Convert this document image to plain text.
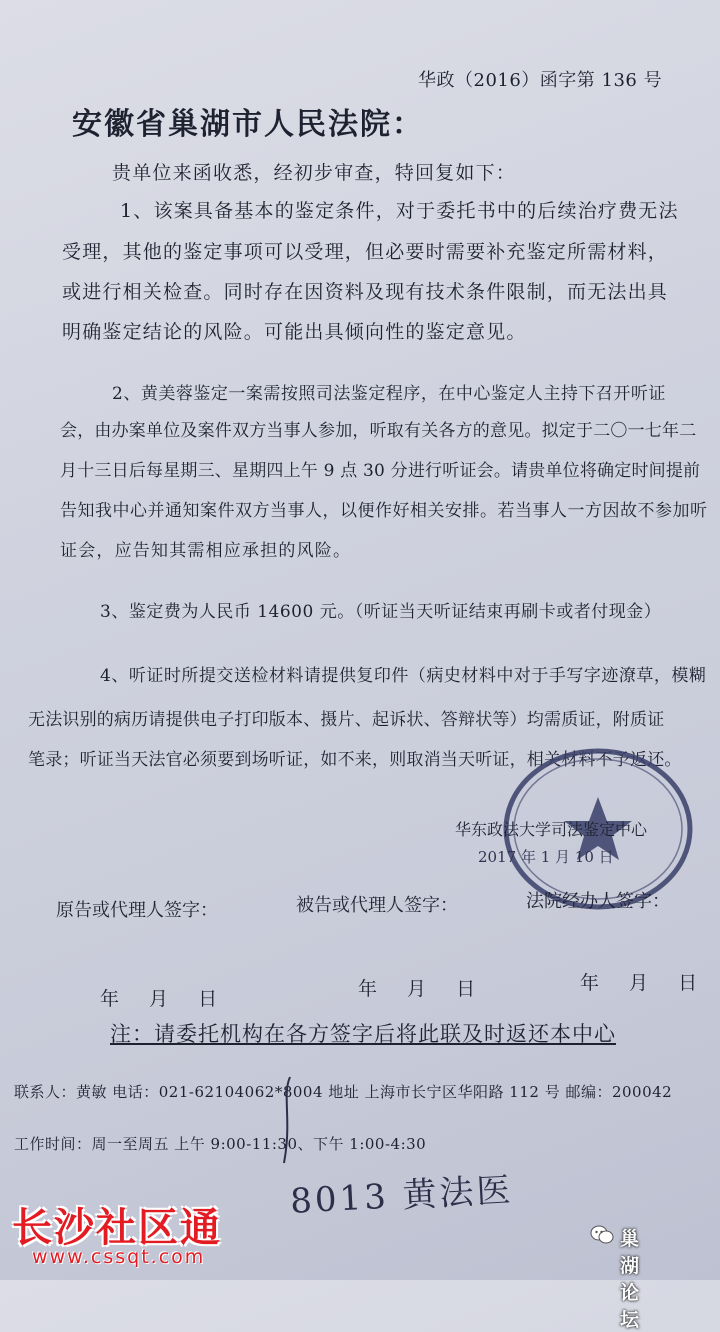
华政（2016）函字第 136 号
安徽省巢湖市人民法院：
贵单位来函收悉，经初步审查，特回复如下：
1、该案具备基本的鉴定条件，对于委托书中的后续治疗费无法
受理，其他的鉴定事项可以受理，但必要时需要补充鉴定所需材料，
或进行相关检查。同时存在因资料及现有技术条件限制，而无法出具
明确鉴定结论的风险。可能出具倾向性的鉴定意见。
2、黄美蓉鉴定一案需按照司法鉴定程序，在中心鉴定人主持下召开听证
会，由办案单位及案件双方当事人参加，听取有关各方的意见。拟定于二〇一七年二
月十三日后每星期三、星期四上午 9 点 30 分进行听证会。请贵单位将确定时间提前
告知我中心并通知案件双方当事人，以便作好相关安排。若当事人一方因故不参加听
证会，应告知其需相应承担的风险。
3、鉴定费为人民币 14600 元。（听证当天听证结束再刷卡或者付现金）
4、听证时所提交送检材料请提供复印件（病史材料中对于手写字迹潦草，模糊
无法识别的病历请提供电子打印版本、摄片、起诉状、答辩状等）均需质证，附质证
笔录；听证当天法官必须要到场听证，如不来，则取消当天听证，相关材料不予返还。
华东政法大学司法鉴定中心
2017 年 1 月 10 日
原告或代理人签字：	被告或代理人签字：	法院经办人签字：
年 月 日	年 月 日	年 月 日
注：请委托机构在各方签字后将此联及时返还本中心
联系人：黄敏 电话：021-62104062*8004 地址 上海市长宁区华阳路 112 号 邮编：200042
工作时间：周一至周五 上午 9:00-11:30、下午 1:00-4:30
8013 黄法医
长沙社区通
www.cssqt.com
巢湖论坛
